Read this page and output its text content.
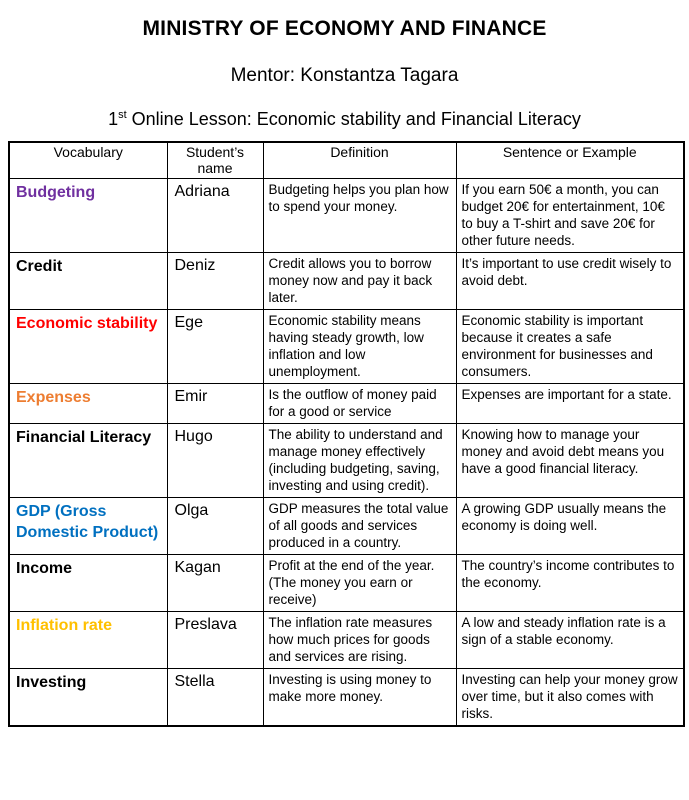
MINISTRY OF ECONOMY AND FINANCE
Mentor: Konstantza Tagara
1st Online Lesson: Economic stability and Financial Literacy
Vocabulary	Student’s name	Definition	Sentence or Example
Budgeting	Adriana	Budgeting helps you plan how to spend your money.	If you earn 50€ a month, you can budget 20€ for entertainment, 10€ to buy a T-shirt and save 20€ for other future needs.
Credit	Deniz	Credit allows you to borrow money now and pay it back later.	It’s important to use credit wisely to avoid debt.
Economic stability	Ege	Economic stability means having steady growth, low inflation and low unemployment.	Economic stability is important because it creates a safe environment for businesses and consumers.
Expenses	Emir	Is the outflow of money paid for a good or service	Expenses are important for a state.
Financial Literacy	Hugo	The ability to understand and manage money effectively (including budgeting, saving, investing and using credit).	Knowing how to manage your money and avoid debt means you have a good financial literacy.
GDP (Gross Domestic Product)	Olga	GDP measures the total value of all goods and services produced in a country.	A growing GDP usually means the economy is doing well.
Income	Kagan	Profit at the end of the year. (The money you earn or receive)	The country’s income contributes to the economy.
Inflation rate	Preslava	The inflation rate measures how much prices for goods and services are rising.	A low and steady inflation rate is a sign of a stable economy.
Investing	Stella	Investing is using money to make more money.	Investing can help your money grow over time, but it also comes with risks.
